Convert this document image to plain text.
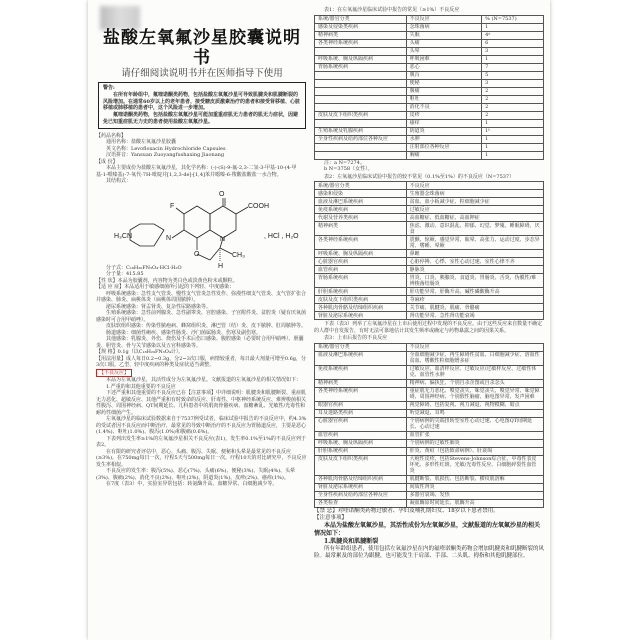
盐酸左氧氟沙星胶囊说明书
请仔细阅读说明书并在医师指导下使用
警告:

在所有年龄组中，氟喹诺酮类药物，包括盐酸左氧氟沙星可导致肌腱炎和肌腱断裂的风险增加。在通常60岁以上的老年患者、接受糖皮质激素治疗的患者和接受肾移植、心脏移植或肺移植的患者中，这个风险进一步增加。

氟喹诺酮类药物，包括盐酸左氧氟沙星可能加重重症肌无力患者的肌无力症状，因避免已知重症肌无力史的患者使用盐酸左氧氟沙星。

【药品名称】

通用名称：盐酸左氧氟沙星胶囊

英文名称：Levofloxacin Hydrochloride Capsules

汉语拼音：Yansuan Zuoyangfushaxing Jiaonang

【成 份】

本品主要成份为盐酸左氧氟沙星，其化学名称：(-)-(S)-9-氟-2,3-二氢-3-甲基-10-(4-甲基-1-哌嗪基)-7-氧代-7H-吡啶并[1,2,3-de]-[1,4]苯并噁嗪-6-羧酸盐酸盐一水合物。

其结构式：

O
COOH
F
N	N
H₃CN
O	CH₃
H
, HCl , H₂O

分子式：C₁₈H₂₀FN₃O₄·HCl·H₂O

分子量：415.85

【性 状】本品为胶囊剂，内容物为类白色或淡黄色粉末或颗粒。
【适 应 症】本品适用于敏感细菌所引起的下列轻、中度感染：

呼吸系统感染：急性支气管炎、慢性支气管炎急性发作、弥漫性细支气管炎、支气管扩张合并感染、肺炎、扁桃体炎（扁桃体周围脓肿）。

泌尿系统感染：肾盂肾炎、复杂性尿路感染等。

生殖系统感染：急性前列腺炎、急性副睾炎、宫腔感染、子宫附件炎、盆腔炎（疑有厌氧菌感染时可合用甲硝唑）。

皮肤软组织感染：传染性脓疱病、蜂窝组织炎、淋巴管（结）炎、皮下脓肿、肛周脓肿等。

肠道感染：细菌性痢疾、感染性肠炎、沙门菌属肠炎、伤寒及副伤寒。

其他感染：乳腺炎、外伤、烧伤及手术后伤口感染、腹腔感染（必要时合用甲硝唑）、胆囊炎、胆管炎、骨与关节感染以及五官科感染等。

【规 格】0.1g（以C₁₈H₂₀FN₃O₄计）。
【用法用量】成人每日0.2~0.3g，分2~3次口服，病情较重者，每日最大剂量可增至0.6g，分3次口服。乙型、轻中度疾病的种类及症状适当调整。
【不良反应】

本品为左氧氟沙星，其活性成分为左氧氟沙星。文献报道的左氧氟沙星的相关情况如下：

1.严重的和其他重要的不良反应

下述严重和其他重要的不良反应已在【注意事项】中详细说明：肌腱炎和肌腱断裂、重症肌无力恶化、超敏反应、其他严重和有时致命的反应、肝毒性、中枢神经系统反应、难辨梭菌相关性腹泻、周围神经病、QT间期延长、儿科患者中的肌肉骨骼疾病、血糖紊乱、光敏性/光毒性和耐药性细菌产生。

左氧氟沙星的临床试验数据来自于7537例受试者，临床试验中报告的不良反应中，约4.3%的受试者因不良反应而中断治疗，最常见的导致中断治疗的不良反应为胃肠道反应，主要是恶心(1.4%)、呕吐(1.0%)、腹泻(1.0%)和腹痛(0.6%)。

下表列出发生率≥1%的左氧氟沙星相关不良反应(表1)，发生率0.1%至1%的不良反应列于表2。

在有限的研究者评估中，恶心、头痛、腹泻、失眠、便秘和头晕是最常见的不良反应(≥3%)。在750mg每日一次，疗程5天与500mg每日一次，疗程10天的对比研究中，不良反应发生率相似。

不良反应的发生率：腹泻(5%)、恶心(7%)、头痛(6%)、便秘(3%)、失眠(4%)、头晕(3%)、腹痛(2%)、消化不良(2%)、呕吐(2%)、阴道炎(1%)、皮疹(2%)、瘙痒(1%)。

在7度（表3）中，实验室异常包括：转氨酶升高、血糖异常、白细胞减少等。

表1：在左氧氟沙星临床试验中报告的常见（≥1%）不良反应
系统/器官分类	不良反应	% (N=7537)
感染及侵染类疾病	念珠菌病	1
精神病类	失眠	4ᵃ
各类神经系统疾病	头痛	6
	头晕	3
呼吸系统、胸及纵隔疾病	呼吸困难	1
胃肠系统疾病	恶心	7
	腹泻	5
	便秘	3
	腹痛	2
	呕吐	2
	消化不良	2
皮肤及皮下组织类疾病	皮疹	2
	瘙痒	1
生殖系统及乳腺疾病	阴道炎	1ᵇ
全身性疾病及给药部位各种反应	水肿	1
	注射部位各种反应	1
	胸痛	1

注：a N=7274。

b N=3758（女性）。

表2：左氧氟沙星临床试验中报告的较不常见（0.1%至1%）的不良反应（N=7537）
系统/器官分类	不良反应
感染和侵染	生殖器念珠菌病
血液及淋巴系统疾病	贫血、血小板减少症、粒细胞减少症
免疫系统疾病	过敏反应
代谢及营养类疾病	高血糖症、低血糖症、高血钾症
精神病类	焦虑、激动、意识混乱、抑郁、幻觉、梦魇、睡眠障碍、厌食
各类神经系统疾病	震颤、惊厥、感觉异常、眩晕、高张力、运动过度、步态异常、嗜睡、晕厥
呼吸系统、胸及纵隔疾病	鼻衄
心脏器官疾病	心脏停搏、心悸、室性心动过速、室性心律不齐
血管疾病	静脉炎
胃肠系统疾病	胃炎、口炎、胰腺炎、食道炎、胃肠炎、舌炎、伪膜性/难辨梭菌结肠炎
肝胆系统疾病	肝功能异常、肝酶升高、碱性磷酸酶升高
皮肤及皮下组织类疾病	荨麻疹
各种肌肉骨骼及结缔组织疾病	关节痛、肌腱炎、肌痛、骨骼痛
肾脏及泌尿系统疾病	肾功能异常、急性肾功能衰竭

下表（表3）列举了左氧氟沙星在上市后使用过程中发现的不良反应。由于这些反应来自数量不确定的人群中自发报告，有时无法可靠地估计其发生频率或确定与药物暴露之间的因果关系。

表3：上市后报告的不良反应
系统/器官分类	不良反应
血液及淋巴系统疾病	全血细胞减少症、再生障碍性贫血、白细胞减少症、溶血性贫血、嗜酸性粒细胞增多症
免疫系统疾病	过敏反应、血清样反应、过敏反应/过敏样反应、过敏性休克、血管性水肿
精神病类	精神病、偏执狂、个别自杀企图或自杀念头
各类神经系统疾病	重症肌无力恶化、嗅觉丧失、味觉丧失、嗅觉异常、味觉障碍、周围神经病、个别假性脑瘤、脑电图异常、发声困难
眼器官疾病	视觉障碍、包括复视、视力减退、视物模糊、暗点
耳及迷路类疾病	听觉减退、耳鸣
心脏器官疾病	个别病例的尖端扭转型室性心动过速、心电图QT间期延长、心动过速
血管疾病	血管扩张
呼吸系统、胸及纵隔疾病	个别病例的过敏性肺炎
肝胆系统疾病	肝炎、黄疸（包括致命病例）、肝衰竭
皮肤及皮下组织类疾病	大疱性皮疹、包括Stevens-Johnson综合征、中毒性表皮坏死、多形性红斑、光敏/光毒性反应、白细胞碎裂性血管炎
各种肌肉骨骼及结缔组织疾病	肌腱断裂、肌损伤、包括断裂、横纹肌溶解
肾脏及泌尿系统疾病	间质性肾炎
全身性疾病及给药部位各种反应	多器官衰竭、发热
各类检查	凝血酶原时间延长、肌酶升高
【禁 忌】对喹诺酮类药物过敏者、孕妇及哺乳期妇女、18岁以下患者禁用。
【注意事项】

本品为盐酸左氧氟沙星，其活性成份为左氧氟沙星，文献报道的左氧氟沙星的相关情况如下：

1.肌腱炎和肌腱断裂

所有年龄组患者，使用包括左氧氟沙星在内的氟喹诺酮类药物会增加肌腱炎和肌腱断裂的风险。最常累及的部位为跟腱，也可能发生于肩部、手部、二头肌、拇指和其他肌腱部位。
